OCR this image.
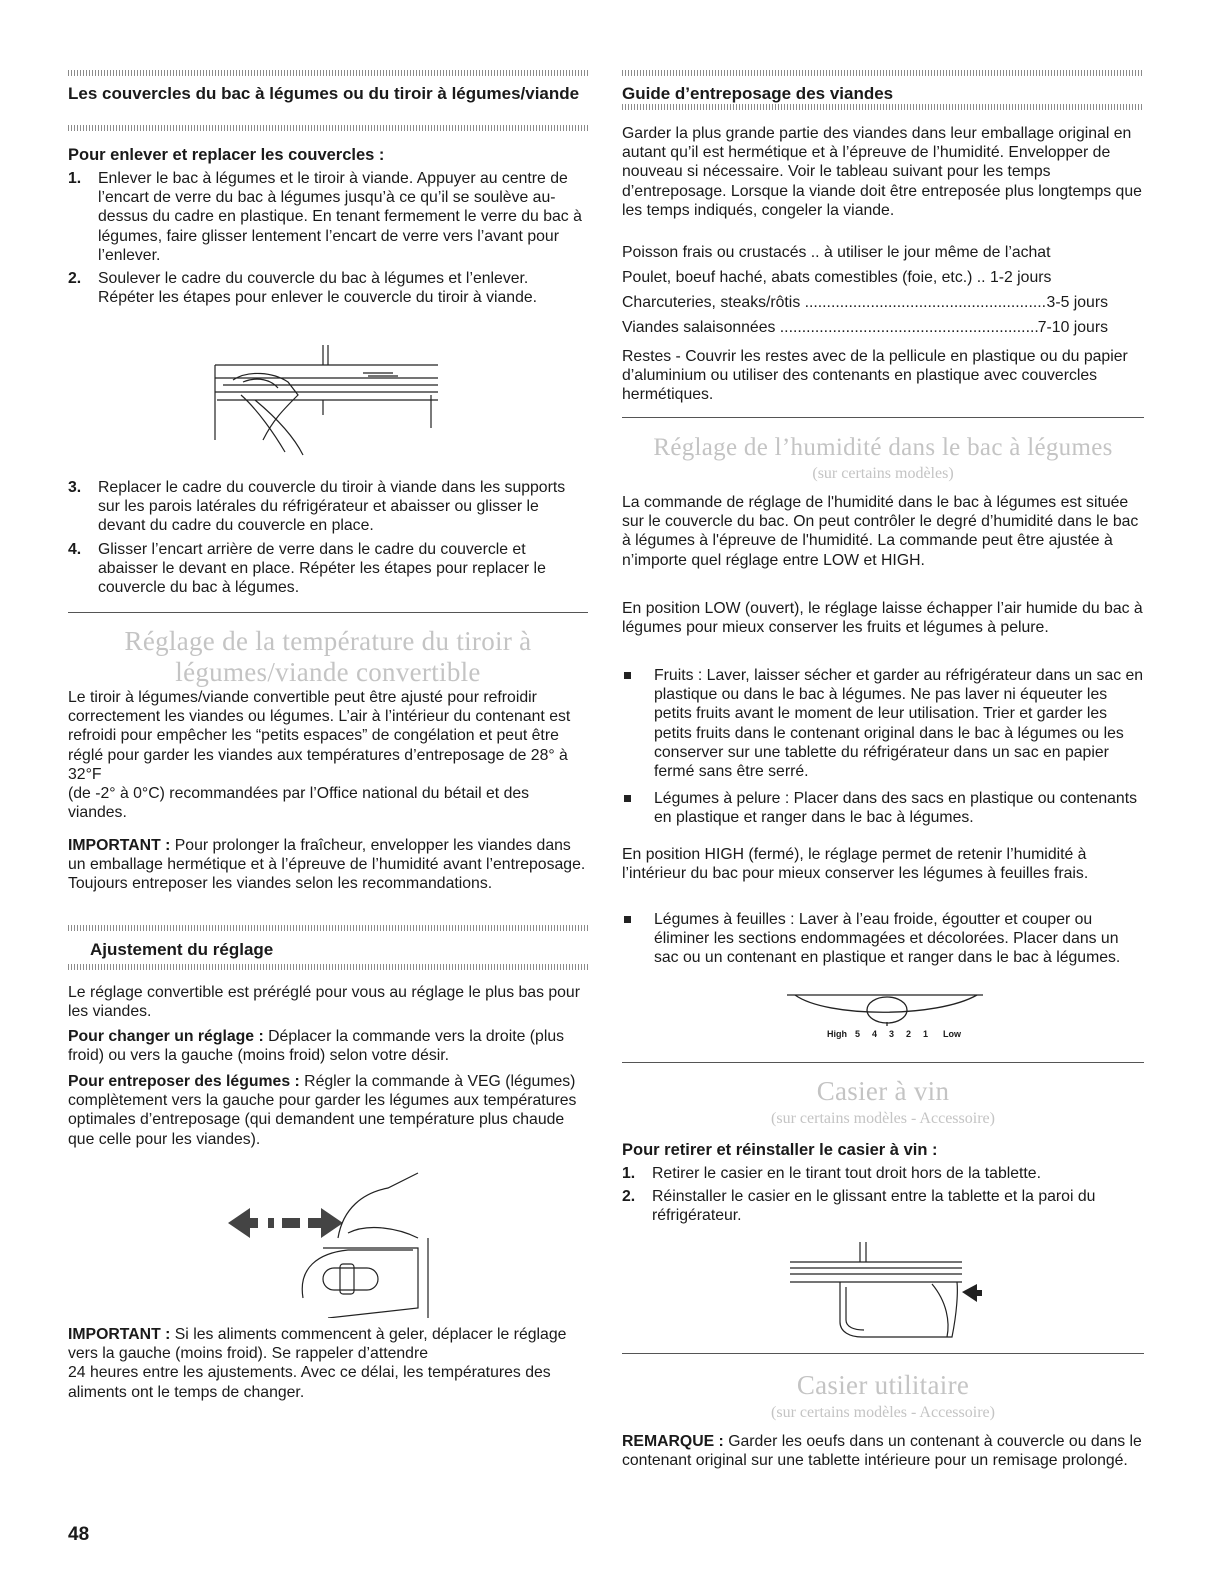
Les couvercles du bac à légumes ou du tiroir à légumes/viande
Pour enlever et replacer les couvercles :
1. Enlever le bac à légumes et le tiroir à viande. Appuyer au centre de l’encart de verre du bac à légumes jusqu’à ce qu’il se soulève au-dessus du cadre en plastique. En tenant fermement le verre du bac à légumes, faire glisser lentement l’encart de verre vers l’avant pour l’enlever.
2. Soulever le cadre du couvercle du bac à légumes et l’enlever. Répéter les étapes pour enlever le couvercle du tiroir à viande.
3. Replacer le cadre du couvercle du tiroir à viande dans les supports sur les parois latérales du réfrigérateur et abaisser ou glisser le devant du cadre du couvercle en place.
4. Glisser l’encart arrière de verre dans le cadre du couvercle et abaisser le devant en place. Répéter les étapes pour replacer le couvercle du bac à légumes.
Réglage de la température du tiroir à
légumes/viande convertible
Le tiroir à légumes/viande convertible peut être ajusté pour refroidir correctement les viandes ou légumes. L’air à l’intérieur du contenant est refroidi pour empêcher les “petits espaces” de congélation et peut être réglé pour garder les viandes aux températures d’entreposage de 28° à 32°F
(de -2° à 0°C) recommandées par l’Office national du bétail et des viandes.
IMPORTANT : Pour prolonger la fraîcheur, envelopper les viandes dans un emballage hermétique et à l’épreuve de l’humidité avant l’entreposage. Toujours entreposer les viandes selon les recommandations.
Ajustement du réglage
Le réglage convertible est préréglé pour vous au réglage le plus bas pour les viandes.
Pour changer un réglage : Déplacer la commande vers la droite (plus froid) ou vers la gauche (moins froid) selon votre désir.
Pour entreposer des légumes : Régler la commande à VEG (légumes) complètement vers la gauche pour garder les légumes aux températures optimales d’entreposage (qui demandent une température plus chaude que celle pour les viandes).
IMPORTANT : Si les aliments commencent à geler, déplacer le réglage vers la gauche (moins froid). Se rappeler d’attendre
24 heures entre les ajustements. Avec ce délai, les températures des aliments ont le temps de changer.
Guide d’entreposage des viandes
Garder la plus grande partie des viandes dans leur emballage original en autant qu’il est hermétique et à l’épreuve de l’humidité. Envelopper de nouveau si nécessaire. Voir le tableau suivant pour les temps d’entreposage. Lorsque la viande doit être entreposée plus longtemps que les temps indiqués, congeler la viande.
Poisson frais ou crustacés .. à utiliser le jour même de l’achat
Poulet, boeuf haché, abats comestibles (foie, etc.) .. 1-2 jours
Charcuteries, steaks/rôtis .....	3-5 jours
Viandes salaisonnées .....	7-10 jours
Restes - Couvrir les restes avec de la pellicule en plastique ou du papier d’aluminium ou utiliser des contenants en plastique avec couvercles hermétiques.
Réglage de l’humidité dans le bac à légumes
(sur certains modèles)
La commande de réglage de l'humidité dans le bac à légumes est située sur le couvercle du bac. On peut contrôler le degré d’humidité dans le bac à légumes à l'épreuve de l'humidité. La commande peut être ajustée à n’importe quel réglage entre LOW et HIGH.
En position LOW (ouvert), le réglage laisse échapper l’air humide du bac à légumes pour mieux conserver les fruits et légumes à pelure.
Fruits : Laver, laisser sécher et garder au réfrigérateur dans un sac en plastique ou dans le bac à légumes. Ne pas laver ni équeuter les petits fruits avant le moment de leur utilisation. Trier et garder les petits fruits dans le contenant original dans le bac à légumes ou les conserver sur une tablette du réfrigérateur dans un sac en papier fermé sans être serré.
Légumes à pelure : Placer dans des sacs en plastique ou contenants en plastique et ranger dans le bac à légumes.
En position HIGH (fermé), le réglage permet de retenir l’humidité à l’intérieur du bac pour mieux conserver les légumes à feuilles frais.
Légumes à feuilles : Laver à l’eau froide, égoutter et couper ou éliminer les sections endommagées et décolorées. Placer dans un sac ou un contenant en plastique et ranger dans le bac à légumes.
High 5	4	3	2	1	Low
Casier à vin
(sur certains modèles - Accessoire)
Pour retirer et réinstaller le casier à vin :
1. Retirer le casier en le tirant tout droit hors de la tablette.
2. Réinstaller le casier en le glissant entre la tablette et la paroi du réfrigérateur.
Casier utilitaire
(sur certains modèles - Accessoire)
REMARQUE : Garder les oeufs dans un contenant à couvercle ou dans le contenant original sur une tablette intérieure pour un remisage prolongé.
48
